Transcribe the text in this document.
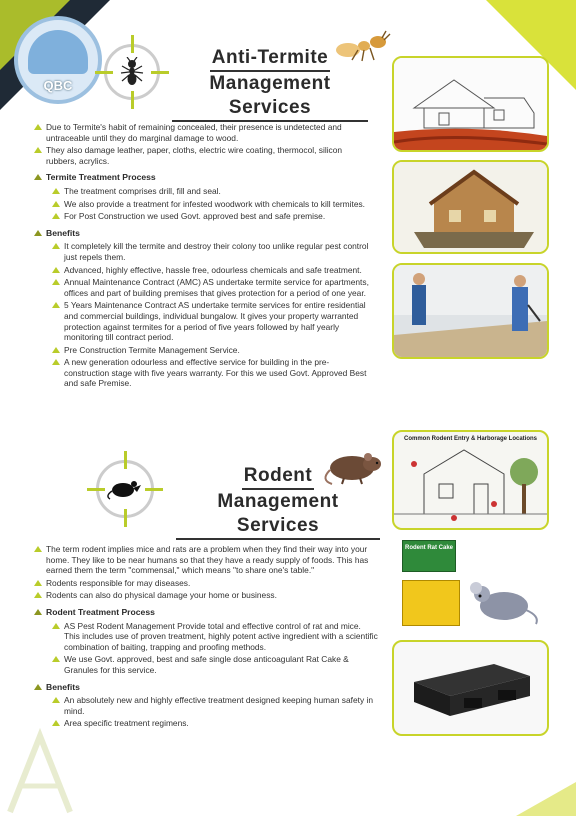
QBC
Anti-Termite Management Services

Due to Termite's habit of remaining concealed, their presence is undetected and untraceable until they do marginal damage to wood.

They also damage leather, paper, cloths, electric wire coating, thermocol, silicon rubbers, acrylics.

Termite Treatment Process

The treatment comprises drill, fill and seal.

We also provide a treatment for infested woodwork with chemicals to kill termites.

For Post Construction we used Govt. approved best and safe premise.

Benefits

It completely kill the termite and destroy their colony too unlike regular pest control just repels them.

Advanced, highly effective, hassle free, odourless chemicals and safe treatment.

Annual Maintenance Contract (AMC) AS undertake termite service for apartments, offices and part of building premises that gives protection for a period of one year.

5 Years Maintenance Contract AS undertake termite services for entire residential and commercial buildings, individual bungalow. It gives your property warranted protection against termites for a period of five years followed by half yearly monitoring till contract period.

Pre Construction Termite Management Service.

A new generation odourless and effective service for building in the pre-construction stage with five years warranty. For this we used Govt. Approved Best and safe Premise.

Rodent Management Services

The term rodent implies mice and rats are a problem when they find their way into your home. They like to be near humans so that they have a ready supply of foods. This has earned them the term "commensal," which means "to share one's table."

Rodents responsible for may diseases.

Rodents can also do physical damage your home or business.

Rodent Treatment Process

AS Pest Rodent Management Provide total and effective control of rat and mice. This includes use of proven treatment, highly potent active ingredient with a scientific combination of baiting, trapping and proofing methods.

We use Govt. approved, best and safe single dose anticoagulant Rat Cake & Granules for this service.

Benefits

An absolutely new and highly effective treatment designed keeping human safety in mind.

Area specific treatment regimens.

Common Rodent Entry & Harborage Locations
Rodent Rat Cake
